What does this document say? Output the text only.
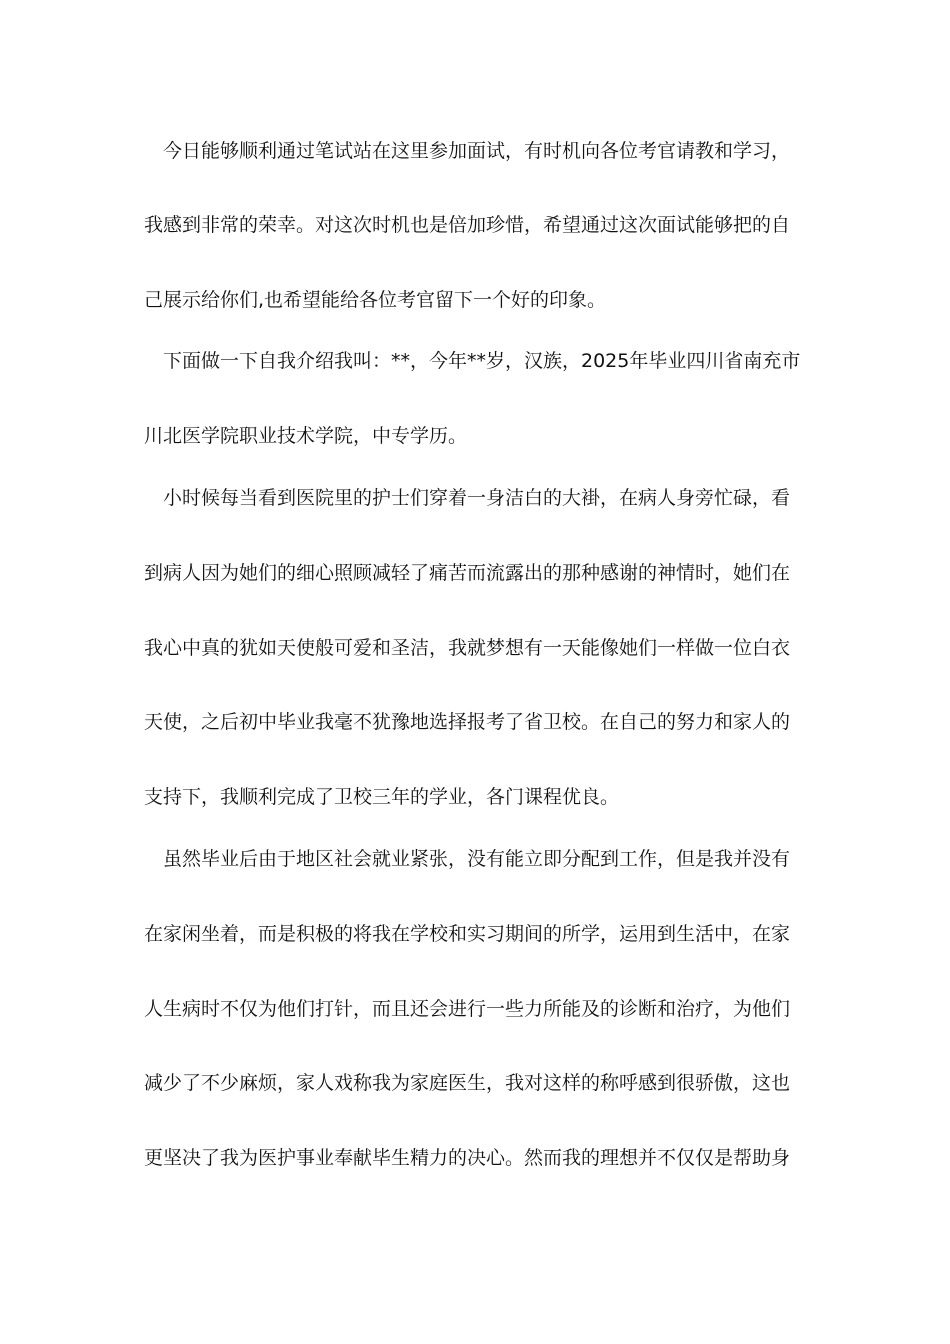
今日能够顺利通过笔试站在这里参加面试，有时机向各位考官请教和学习，
我感到非常的荣幸。对这次时机也是倍加珍惜，希望通过这次面试能够把的自
己展示给你们,也希望能给各位考官留下一个好的印象。
下面做一下自我介绍我叫：**，今年**岁，汉族，2025年毕业四川省南充市
川北医学院职业技术学院，中专学历。
小时候每当看到医院里的护士们穿着一身洁白的大褂，在病人身旁忙碌，看
到病人因为她们的细心照顾减轻了痛苦而流露出的那种感谢的神情时，她们在
我心中真的犹如天使般可爱和圣洁，我就梦想有一天能像她们一样做一位白衣
天使，之后初中毕业我毫不犹豫地选择报考了省卫校。在自己的努力和家人的
支持下，我顺利完成了卫校三年的学业，各门课程优良。
虽然毕业后由于地区社会就业紧张，没有能立即分配到工作，但是我并没有
在家闲坐着，而是积极的将我在学校和实习期间的所学，运用到生活中，在家
人生病时不仅为他们打针，而且还会进行一些力所能及的诊断和治疗，为他们
减少了不少麻烦，家人戏称我为家庭医生，我对这样的称呼感到很骄傲，这也
更坚决了我为医护事业奉献毕生精力的决心。然而我的理想并不仅仅是帮助身
